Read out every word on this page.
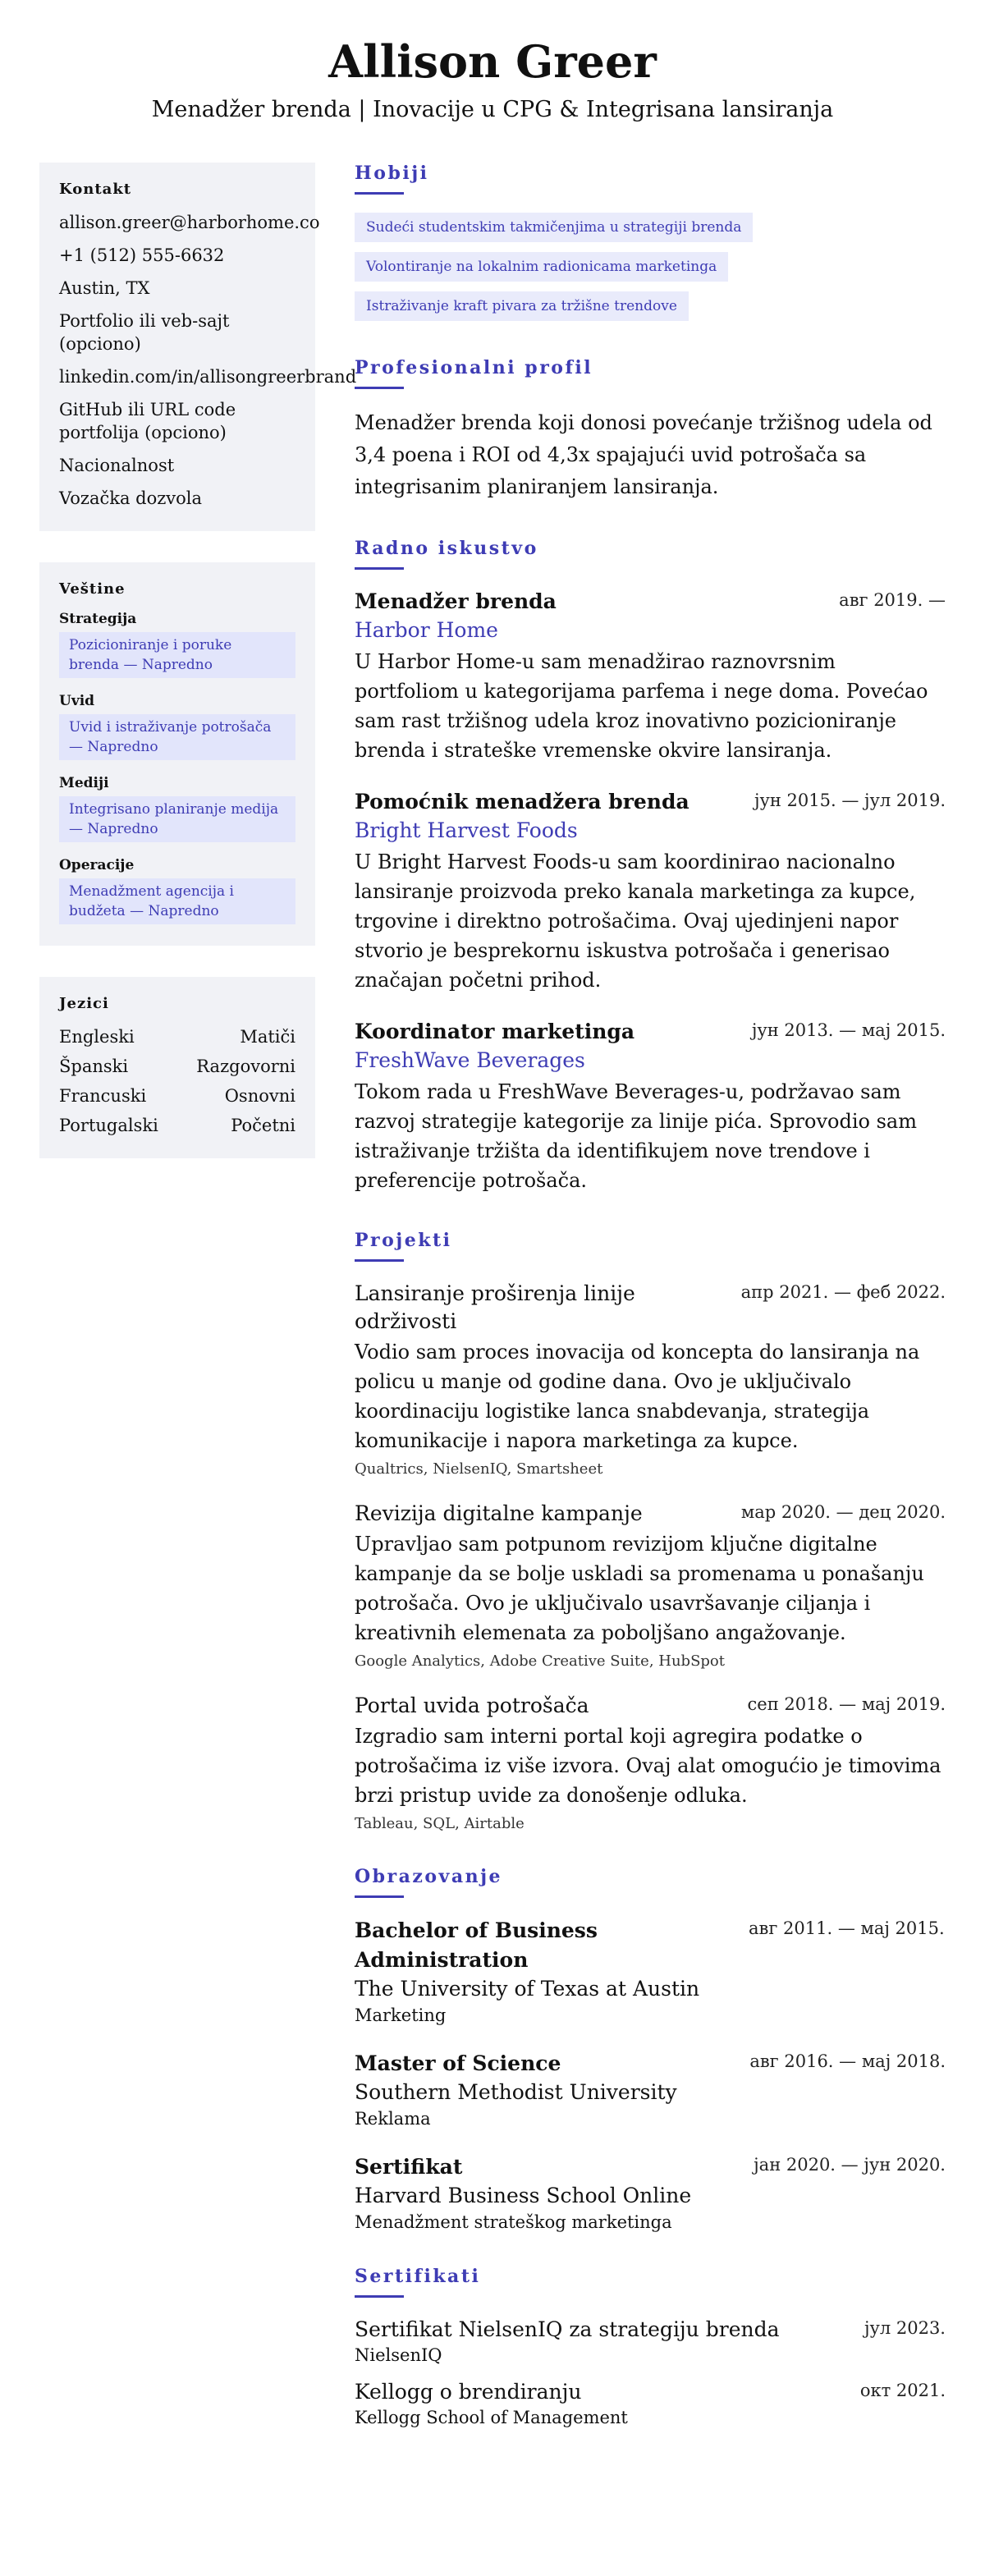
Allison Greer
Menadžer brenda | Inovacije u CPG & Integrisana lansiranja
Kontakt
allison.greer@harborhome.co
+1 (512) 555-6632
Austin, TX
Portfolio ili veb-sajt (opciono)
linkedin.com/in/allisongreerbrand
GitHub ili URL code portfolija (opciono)
Nacionalnost
Vozačka dozvola
Veštine
Strategija
Pozicioniranje i poruke brenda — Napredno
Uvid
Uvid i istraživanje potrošača — Napredno
Mediji
Integrisano planiranje medija — Napredno
Operacije
Menadžment agencija i budžeta — Napredno
Jezici
Engleski	Matiči
Španski	Razgovorni
Francuski	Osnovni
Portugalski	Početni
Hobiji
Sudeći studentskim takmičenjima u strategiji brenda
Volontiranje na lokalnim radionicama marketinga
Istraživanje kraft pivara za tržišne trendove
Profesionalni profil

Menadžer brenda koji donosi povećanje tržišnog udela od 3,4 poena i ROI od 4,3x spajajući uvid potrošača sa integrisanim planiranjem lansiranja.

Radno iskustvo
Menadžer brenda	авг 2019. —
Harbor Home

U Harbor Home-u sam menadžirao raznovrsnim portfoliom u kategorijama parfema i nege doma. Povećao sam rast tržišnog udela kroz inovativno pozicioniranje brenda i strateške vremenske okvire lansiranja.

Pomoćnik menadžera brenda	јун 2015. — јул 2019.
Bright Harvest Foods

U Bright Harvest Foods-u sam koordinirao nacionalno lansiranje proizvoda preko kanala marketinga za kupce, trgovine i direktno potrošačima. Ovaj ujedinjeni napor stvorio je besprekornu iskustva potrošača i generisao značajan početni prihod.

Koordinator marketinga	јун 2013. — мај 2015.
FreshWave Beverages

Tokom rada u FreshWave Beverages-u, podržavao sam razvoj strategije kategorije za linije pića. Sprovodio sam istraživanje tržišta da identifikujem nove trendove i preferencije potrošača.

Projekti
Lansiranje proširenja linije održivosti
апр 2021. — феб 2022.

Vodio sam proces inovacija od koncepta do lansiranja na policu u manje od godine dana. Ovo je uključivalo koordinaciju logistike lanca snabdevanja, strategija komunikacije i napora marketinga za kupce.

Qualtrics, NielsenIQ, Smartsheet
Revizija digitalne kampanje	мар 2020. — дец 2020.

Upravljao sam potpunom revizijom ključne digitalne kampanje da se bolje uskladi sa promenama u ponašanju potrošača. Ovo je uključivalo usavršavanje ciljanja i kreativnih elemenata za poboljšano angažovanje.

Google Analytics, Adobe Creative Suite, HubSpot
Portal uvida potrošača	сеп 2018. — мај 2019.

Izgradio sam interni portal koji agregira podatke o potrošačima iz više izvora. Ovaj alat omogućio je timovima brzi pristup uvide za donošenje odluka.

Tableau, SQL, Airtable
Obrazovanje
Bachelor of Business Administration
авг 2011. — мај 2015.
The University of Texas at Austin
Marketing
Master of Science	авг 2016. — мај 2018.
Southern Methodist University
Reklama
Sertifikat	јан 2020. — јун 2020.
Harvard Business School Online
Menadžment strateškog marketinga
Sertifikati
Sertifikat NielsenIQ za strategiju brenda	јул 2023.
NielsenIQ
Kellogg o brendiranju	окт 2021.
Kellogg School of Management
